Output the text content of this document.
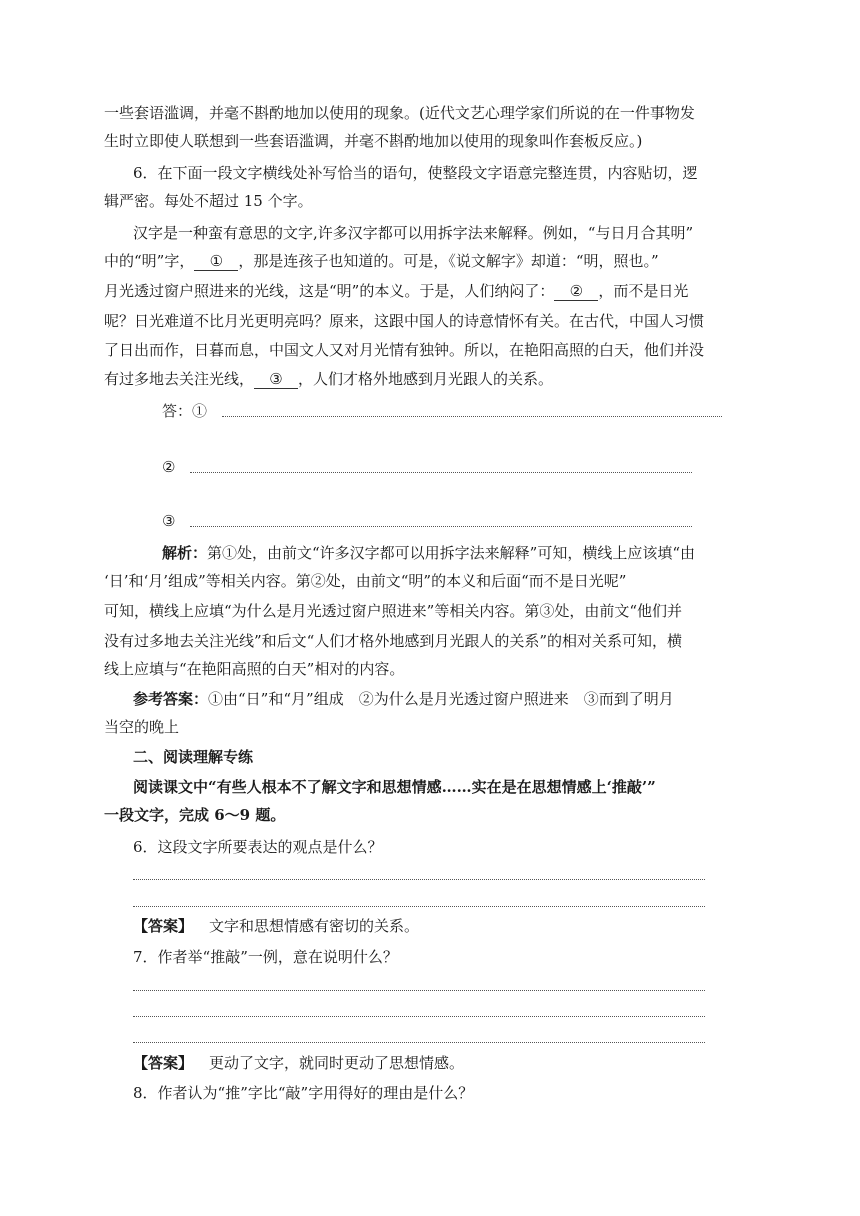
一些套语滥调，并毫不斟酌地加以使用的现象。(近代文艺心理学家们所说的在一件事物发
生时立即使人联想到一些套语滥调，并毫不斟酌地加以使用的现象叫作套板反应。)
6．在下面一段文字横线处补写恰当的语句，使整段文字语意完整连贯，内容贴切，逻
辑严密。每处不超过 15 个字。
汉字是一种蛮有意思的文字,许多汉字都可以用拆字法来解释。例如，“与日月合其明”
中的“明”字， ① ，那是连孩子也知道的。可是，《说文解字》却道：“明，照也。”
月光透过窗户照进来的光线，这是“明”的本义。于是，人们纳闷了： ② ，而不是日光
呢？日光难道不比月光更明亮吗？原来，这跟中国人的诗意情怀有关。在古代，中国人习惯
了日出而作，日暮而息，中国文人又对月光情有独钟。所以，在艳阳高照的白天，他们并没
有过多地去关注光线， ③ ，人们才格外地感到月光跟人的关系。
答：①
②
③
解析：第①处，由前文“许多汉字都可以用拆字法来解释”可知，横线上应该填“由
‘日’和‘月’组成”等相关内容。第②处，由前文“明”的本义和后面“而不是日光呢”
可知，横线上应填“为什么是月光透过窗户照进来”等相关内容。第③处，由前文“他们并
没有过多地去关注光线”和后文“人们才格外地感到月光跟人的关系”的相对关系可知，横
线上应填与“在艳阳高照的白天”相对的内容。
参考答案：①由“日”和“月”组成　②为什么是月光透过窗户照进来　③而到了明月
当空的晚上
二、阅读理解专练
阅读课文中“有些人根本不了解文字和思想情感……实在是在思想情感上‘推敲’”
一段文字，完成 6～9 题。
6．这段文字所要表达的观点是什么？
【答案】 文字和思想情感有密切的关系。
7．作者举“推敲”一例，意在说明什么？
【答案】 更动了文字，就同时更动了思想情感。
8．作者认为“推”字比“敲”字用得好的理由是什么？
